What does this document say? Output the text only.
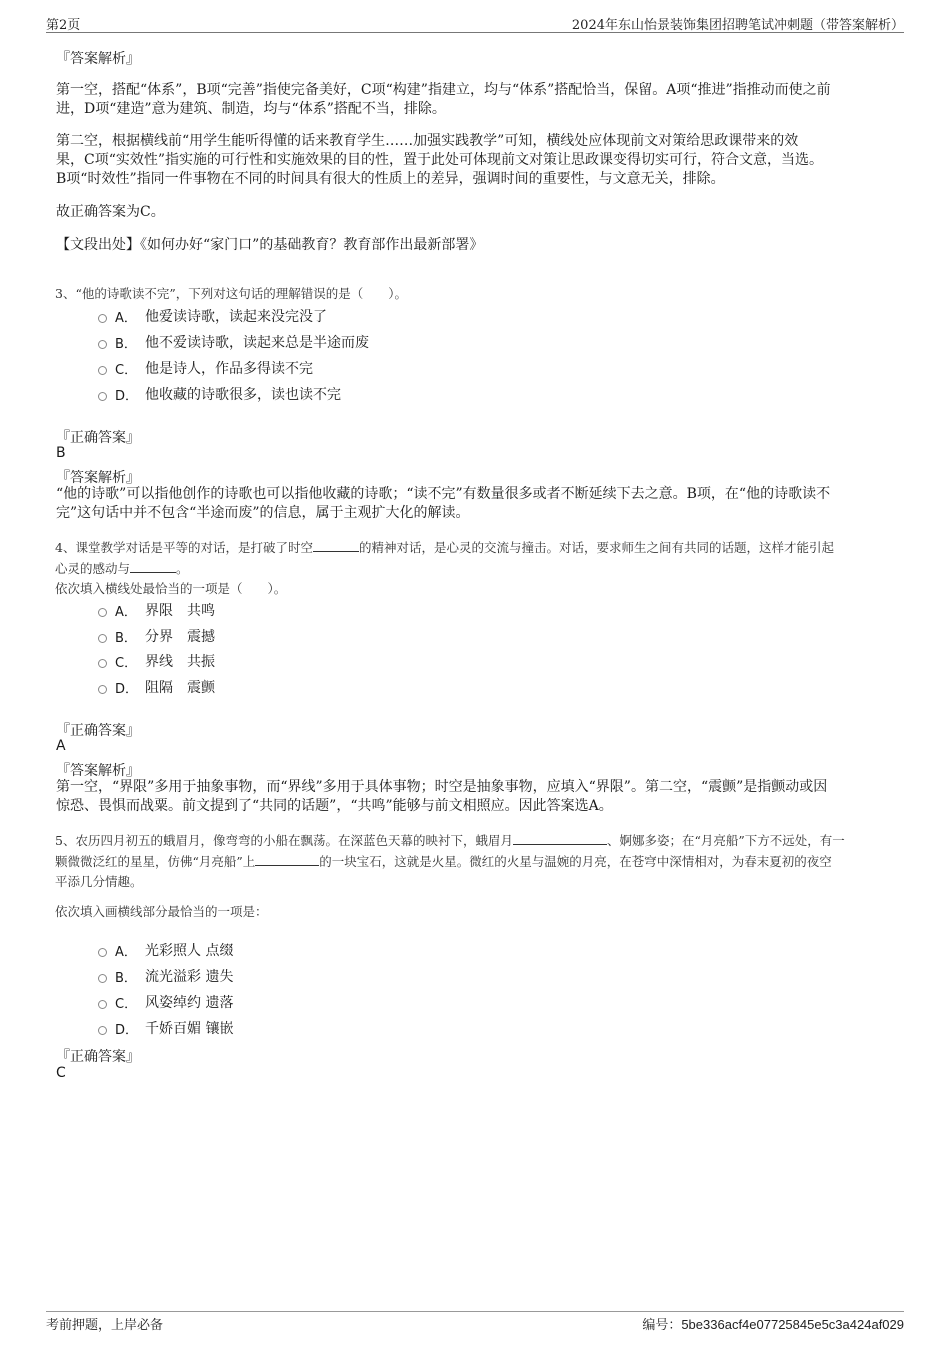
第2页	2024年东山怡景装饰集团招聘笔试冲刺题（带答案解析）
『答案解析』
第一空，搭配“体系”，B项“完善”指使完备美好，C项“构建”指建立，均与“体系”搭配恰当，保留。A项“推进”指推动而使之前
进，D项“建造”意为建筑、制造，均与“体系”搭配不当，排除。
第二空，根据横线前“用学生能听得懂的话来教育学生……加强实践教学”可知，横线处应体现前文对策给思政课带来的效
果，C项“实效性”指实施的可行性和实施效果的目的性，置于此处可体现前文对策让思政课变得切实可行，符合文意，当选。
B项“时效性”指同一件事物在不同的时间具有很大的性质上的差异，强调时间的重要性，与文意无关，排除。
故正确答案为C。
【文段出处】《如何办好“家门口”的基础教育？教育部作出最新部署》
3、“他的诗歌读不完”，下列对这句话的理解错误的是（　　）。
A． 他爱读诗歌，读起来没完没了
B． 他不爱读诗歌，读起来总是半途而废
C． 他是诗人，作品多得读不完
D． 他收藏的诗歌很多，读也读不完
『正确答案』
B
『答案解析』
“他的诗歌”可以指他创作的诗歌也可以指他收藏的诗歌；“读不完”有数量很多或者不断延续下去之意。B项，在“他的诗歌读不
完”这句话中并不包含“半途而废”的信息，属于主观扩大化的解读。
4、课堂教学对话是平等的对话，是打破了时空	的精神对话，是心灵的交流与撞击。对话，要求师生之间有共同的话题，这样才能引起
心灵的感动与	。
依次填入横线处最恰当的一项是（　　）。
A． 界限　共鸣
B． 分界　震撼
C． 界线　共振
D． 阻隔　震颤
『正确答案』
A
『答案解析』
第一空，“界限”多用于抽象事物，而“界线”多用于具体事物；时空是抽象事物，应填入“界限”。第二空，“震颤”是指颤动或因
惊恐、畏惧而战粟。前文提到了“共同的话题”，“共鸣”能够与前文相照应。因此答案选A。
5、农历四月初五的蛾眉月，像弯弯的小船在飘荡。在深蓝色天幕的映衬下，蛾眉月	、婀娜多姿；在“月亮船”下方不远处，有一
颗微微泛红的星星，仿佛“月亮船”上	的一块宝石，这就是火星。微红的火星与温婉的月亮，在苍穹中深情相对，为春末夏初的夜空
平添几分情趣。
依次填入画横线部分最恰当的一项是：
A． 光彩照人 点缀
B． 流光溢彩 遗失
C． 风姿绰约 遗落
D． 千娇百媚 镶嵌
『正确答案』
C
考前押题，上岸必备	编号：5be336acf4e07725845e5c3a424af029
